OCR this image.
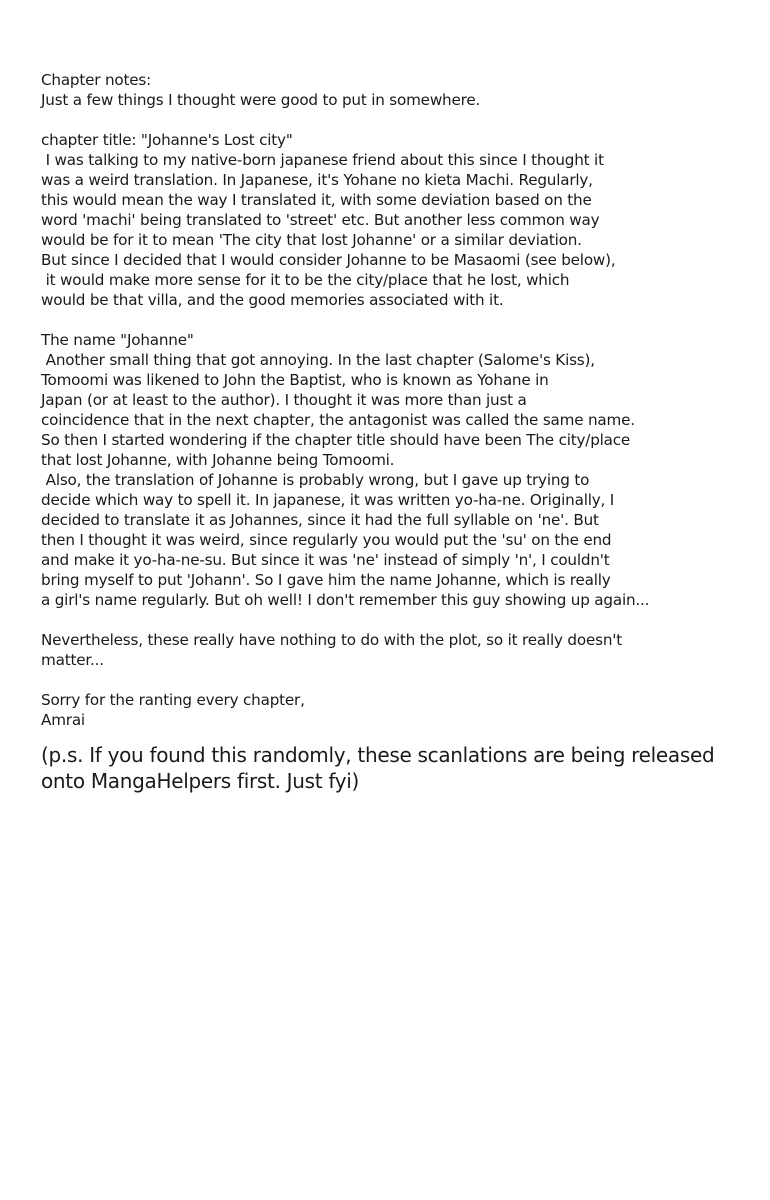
Chapter notes:
Just a few things I thought were good to put in somewhere.
chapter title: "Johanne's Lost city"
I was talking to my native-born japanese friend about this since I thought it
was a weird translation. In Japanese, it's Yohane no kieta Machi. Regularly,
this would mean the way I translated it, with some deviation based on the
word 'machi' being translated to 'street' etc. But another less common way
would be for it to mean 'The city that lost Johanne' or a similar deviation.
But since I decided that I would consider Johanne to be Masaomi (see below),
it would make more sense for it to be the city/place that he lost, which
would be that villa, and the good memories associated with it.
The name "Johanne"
Another small thing that got annoying. In the last chapter (Salome's Kiss),
Tomoomi was likened to John the Baptist, who is known as Yohane in
Japan (or at least to the author). I thought it was more than just a
coincidence that in the next chapter, the antagonist was called the same name.
So then I started wondering if the chapter title should have been The city/place
that lost Johanne, with Johanne being Tomoomi.
Also, the translation of Johanne is probably wrong, but I gave up trying to
decide which way to spell it. In japanese, it was written yo-ha-ne. Originally, I
decided to translate it as Johannes, since it had the full syllable on 'ne'. But
then I thought it was weird, since regularly you would put the 'su' on the end
and make it yo-ha-ne-su. But since it was 'ne' instead of simply 'n', I couldn't
bring myself to put 'Johann'. So I gave him the name Johanne, which is really
a girl's name regularly. But oh well! I don't remember this guy showing up again...
Nevertheless, these really have nothing to do with the plot, so it really doesn't
matter...
Sorry for the ranting every chapter,
Amrai
(p.s. If you found this randomly, these scanlations are being released
onto MangaHelpers first. Just fyi)
